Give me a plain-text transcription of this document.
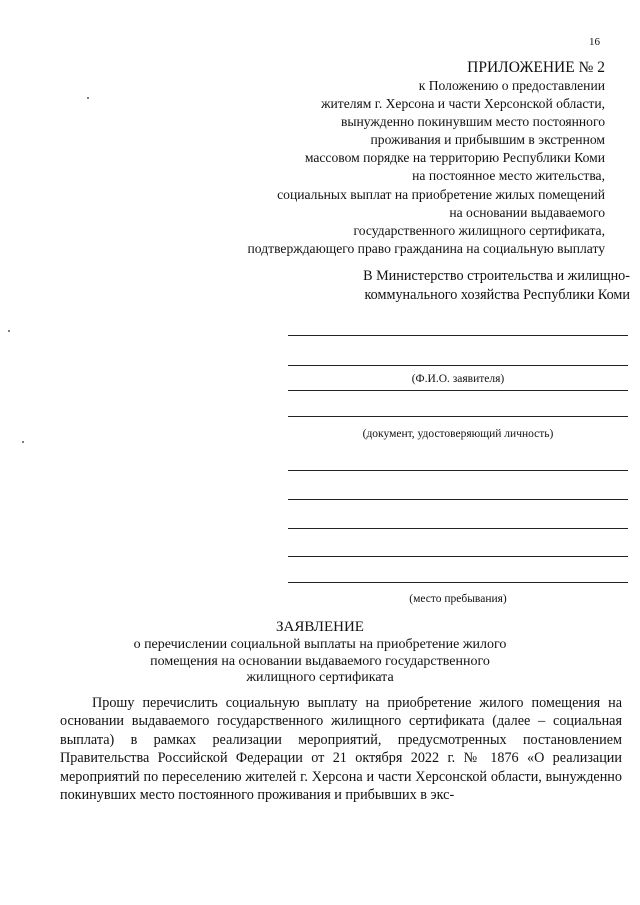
16
ПРИЛОЖЕНИЕ № 2
к Положению о предоставлении
жителям г. Херсона и части Херсонской области,
вынужденно покинувшим место постоянного
проживания и прибывшим в экстренном
массовом порядке на территорию Республики Коми
на постоянное место жительства,
социальных выплат на приобретение жилых помещений
на основании выдаваемого
государственного жилищного сертификата,
подтверждающего право гражданина на социальную выплату
В Министерство строительства и жилищно-
коммунального хозяйства Республики Коми
(Ф.И.О. заявителя)
(документ, удостоверяющий личность)
(место пребывания)
ЗАЯВЛЕНИЕ
о перечислении социальной выплаты на приобретение жилого
помещения на основании выдаваемого государственного
жилищного сертификата

Прошу перечислить социальную выплату на приобретение жилого помещения на основании выдаваемого государственного жилищного сертификата (далее – социальная выплата) в рамках реализации мероприятий, предусмотренных постановлением Правительства Российской Федерации от 21 октября 2022 г. № 1876 «О реализации мероприятий по переселению жителей г. Херсона и части Херсонской области, вынужденно покинувших место постоянного проживания и прибывших в экс-
